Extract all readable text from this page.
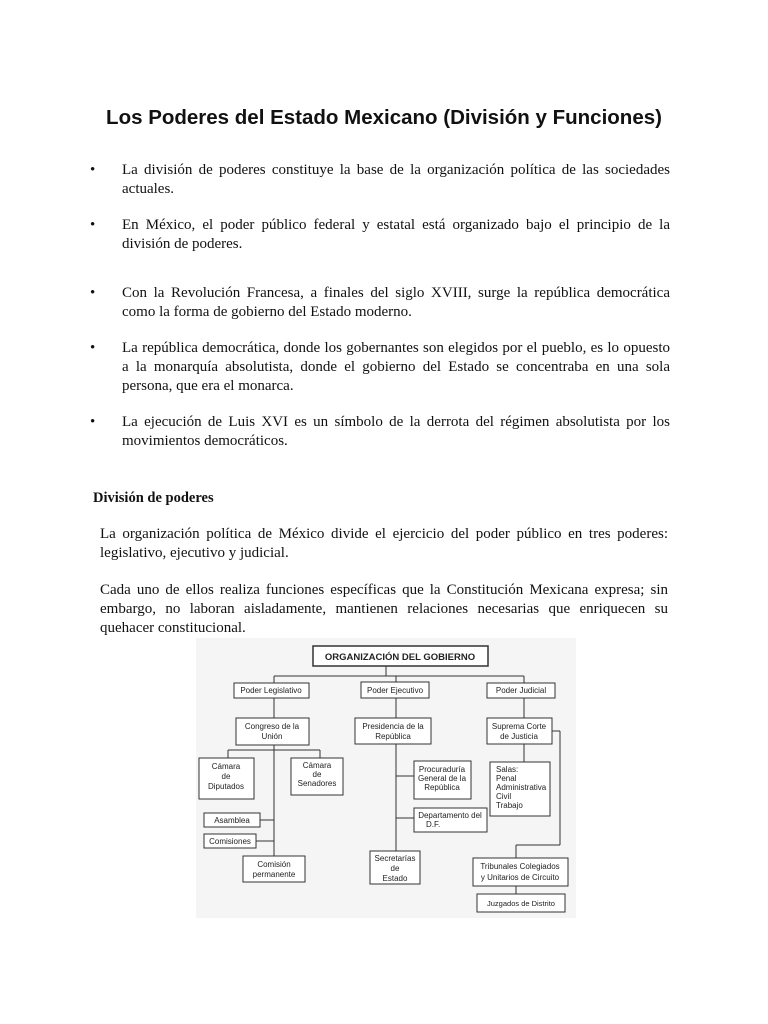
Los Poderes del Estado Mexicano (División y Funciones)
• La división de poderes constituye la base de la organización política de las sociedades actuales.
• En México, el poder público federal y estatal está organizado bajo el principio de la división de poderes.
• Con la Revolución Francesa, a finales del siglo XVIII, surge la república democrática como la forma de gobierno del Estado moderno.
• La república democrática, donde los gobernantes son elegidos por el pueblo, es lo opuesto a la monarquía absolutista, donde el gobierno del Estado se concentraba en una sola persona, que era el monarca.
• La ejecución de Luis XVI es un símbolo de la derrota del régimen absolutista por los movimientos democráticos.
División de poderes

La organización política de México divide el ejercicio del poder público en tres poderes: legislativo, ejecutivo y judicial.

Cada uno de ellos realiza funciones específicas que la Constitución Mexicana expresa; sin embargo, no laboran aisladamente, mantienen relaciones necesarias que enriquecen su quehacer constitucional.

ORGANIZACIÓN DEL GOBIERNO
Poder Legislativo	Poder Ejecutivo	Poder Judicial
Congreso de la Unión
Presidencia de la República
Suprema Corte de Justicia
Cámara de Diputados
Cámara de Senadores
Asamblea
Comisiones
Comisión permanente
Procuraduría General de la República
Departamento del D.F.
Secretarías de Estado
Salas: Penal Administrativa Civil Trabajo
Tribunales Colegiados y Unitarios de Circuito
Juzgados de Distrito
